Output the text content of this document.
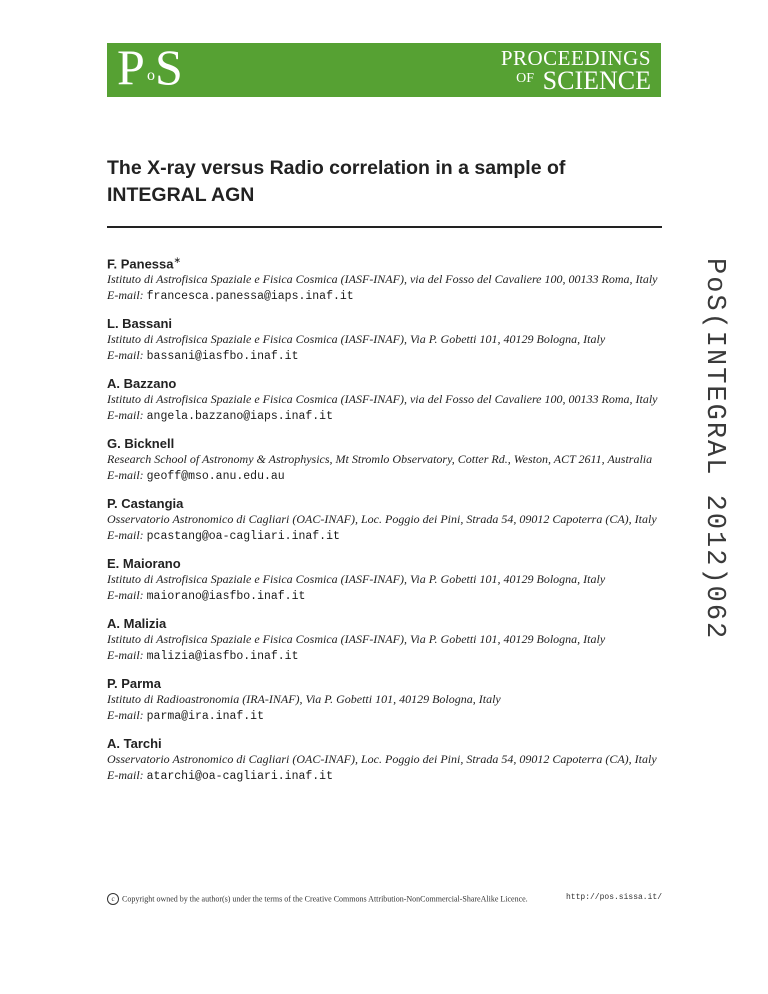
P o S	PROCEEDINGS
OF SCIENCE
The X-ray versus Radio correlation in a sample of INTEGRAL AGN
F. Panessa∗
Istituto di Astrofisica Spaziale e Fisica Cosmica (IASF-INAF), via del Fosso del Cavaliere 100, 00133 Roma, Italy
E-mail: francesca.panessa@iaps.inaf.it
L. Bassani
Istituto di Astrofisica Spaziale e Fisica Cosmica (IASF-INAF), Via P. Gobetti 101, 40129 Bologna, Italy
E-mail: bassani@iasfbo.inaf.it
A. Bazzano
Istituto di Astrofisica Spaziale e Fisica Cosmica (IASF-INAF), via del Fosso del Cavaliere 100, 00133 Roma, Italy
E-mail: angela.bazzano@iaps.inaf.it
G. Bicknell
Research School of Astronomy & Astrophysics, Mt Stromlo Observatory, Cotter Rd., Weston, ACT 2611, Australia
E-mail: geoff@mso.anu.edu.au
P. Castangia
Osservatorio Astronomico di Cagliari (OAC-INAF), Loc. Poggio dei Pini, Strada 54, 09012 Capoterra (CA), Italy
E-mail: pcastang@oa-cagliari.inaf.it
E. Maiorano
Istituto di Astrofisica Spaziale e Fisica Cosmica (IASF-INAF), Via P. Gobetti 101, 40129 Bologna, Italy
E-mail: maiorano@iasfbo.inaf.it
A. Malizia
Istituto di Astrofisica Spaziale e Fisica Cosmica (IASF-INAF), Via P. Gobetti 101, 40129 Bologna, Italy
E-mail: malizia@iasfbo.inaf.it
P. Parma
Istituto di Radioastronomia (IRA-INAF), Via P. Gobetti 101, 40129 Bologna, Italy
E-mail: parma@ira.inaf.it
A. Tarchi
Osservatorio Astronomico di Cagliari (OAC-INAF), Loc. Poggio dei Pini, Strada 54, 09012 Capoterra (CA), Italy
E-mail: atarchi@oa-cagliari.inaf.it
PoS(INTEGRAL 2012)062
c Copyright owned by the author(s) under the terms of the Creative Commons Attribution-NonCommercial-ShareAlike Licence.	http://pos.sissa.it/
